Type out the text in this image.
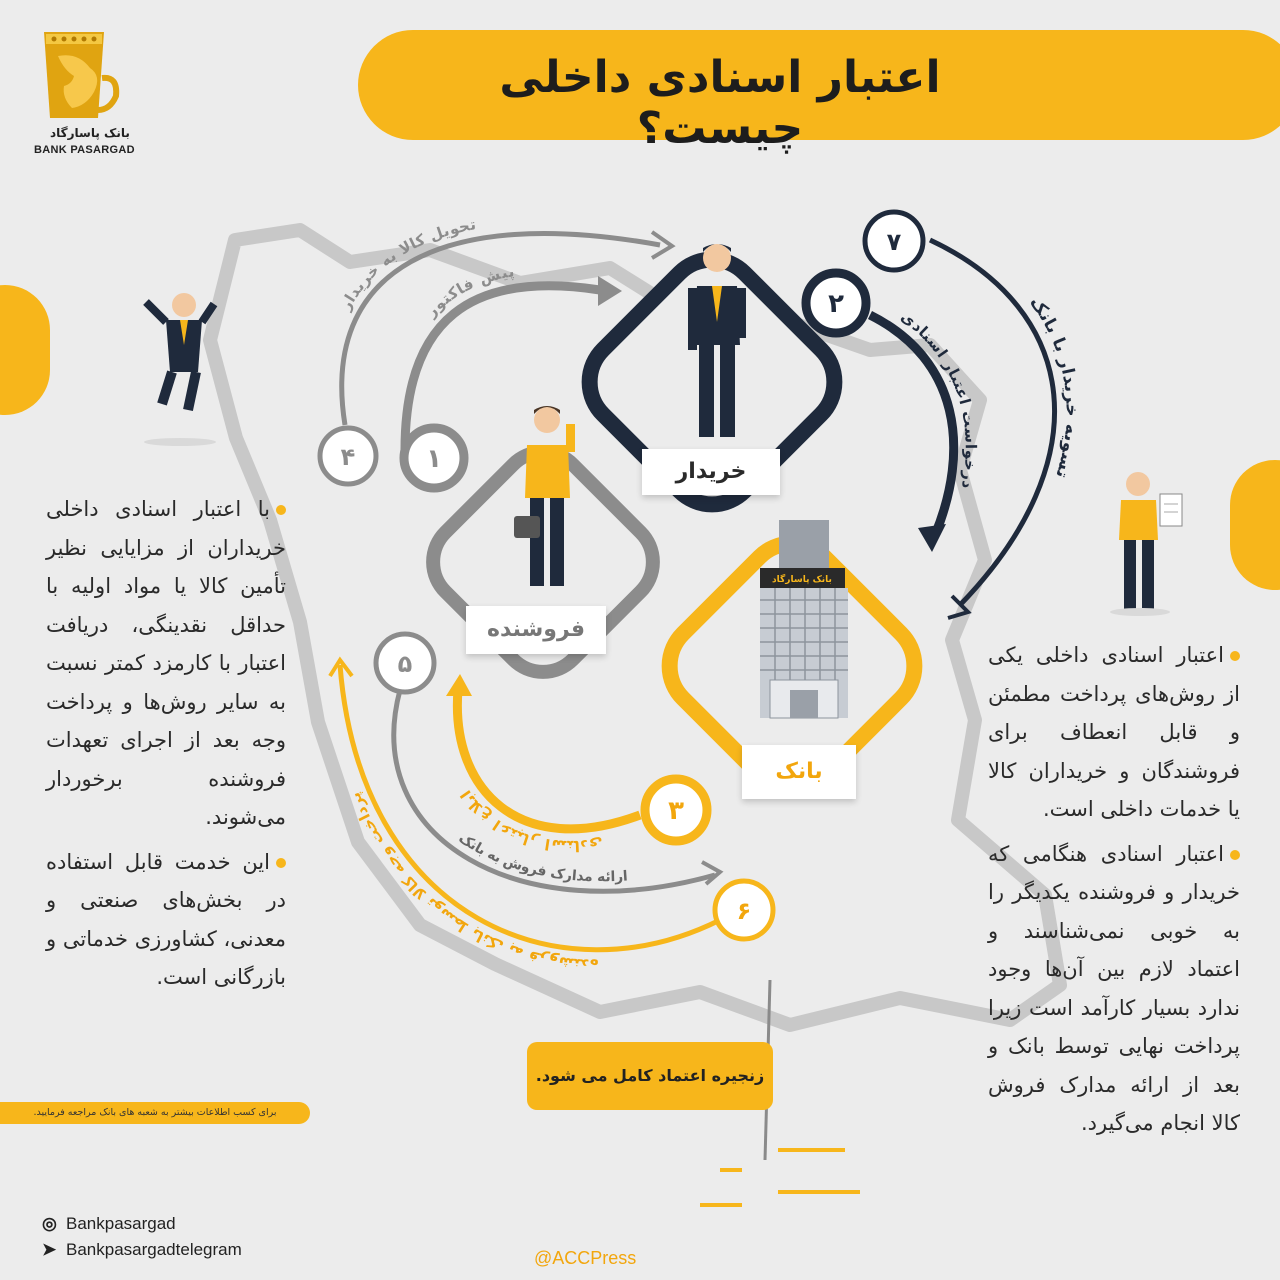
اعتبار اسنادی داخلی چیست؟
بانک پاسارگاد
BANK PASARGAD
پیش فاکتور
تحویل کالا به خریدار
درخواست اعتبار اسنادی
تسویه خریدار با بانک
ابلاغ اعتبار اسنادی
ارائه مدارک فروش به بانک
پرداخت وجه کالا توسط بانک به فروشنده
۱
۴
۲
۷
۳
۵
۶
بانک پاسارگاد
خریدار
فروشنده
بانک

با اعتبار اسنادی داخلی خریداران از مزایایی نظیر تأمین کالا یا مواد اولیه با حداقل نقدینگی، دریافت اعتبار با کارمزد کمتر نسبت به سایر روش‌ها و پرداخت وجه بعد از اجرای تعهدات فروشنده برخوردار می‌شوند.

این خدمت قابل استفاده در بخش‌های صنعتی و معدنی، کشاورزی خدماتی و بازرگانی است.

اعتبار اسنادی داخلی یکی از روش‌های پرداخت مطمئن و قابل انعطاف برای فروشندگان و خریداران کالا یا خدمات داخلی است.

اعتبار اسنادی هنگامی که خریدار و فروشنده یکدیگر را به خوبی نمی‌شناسند و اعتماد لازم بین آن‌ها وجود ندارد بسیار کارآمد است زیرا پرداخت نهایی توسط بانک و بعد از ارائه مدارک فروش کالا انجام می‌گیرد.

برای کسب اطلاعات بیشتر به شعبه های بانک مراجعه فرمایید.
زنجیره اعتماد کامل می شود.
◎ Bankpasargad
➤ Bankpasargadtelegram	@ACCPress
